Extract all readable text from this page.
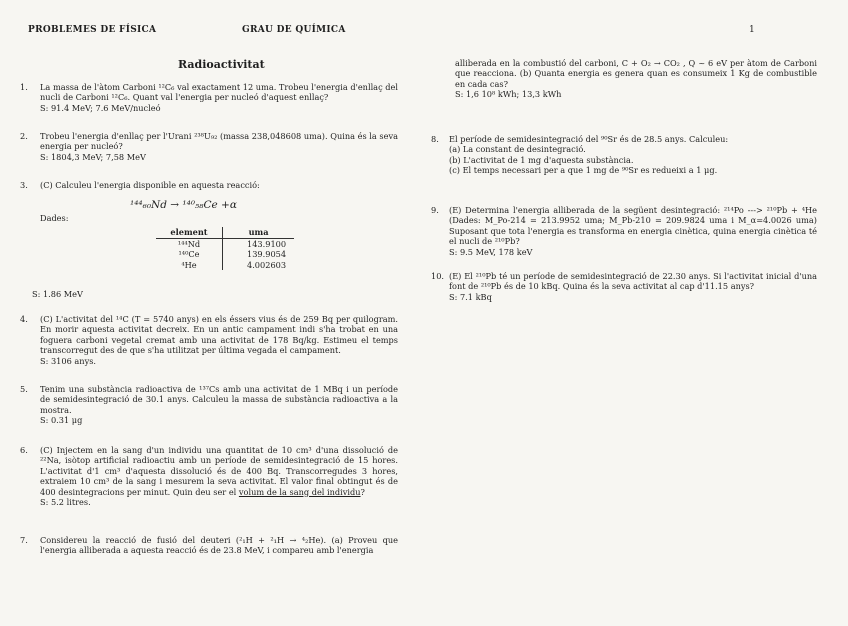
PROBLEMES DE FÍSICA	GRAU DE QUÍMICA	1
Radioactivitat
1.	La massa de l'àtom Carboni ¹²C₆ val exactament 12 uma. Trobeu l'energia d'enllaç del nucli de Carboni ¹²C₆. Quant val l'energia per nucleó d'aquest enllaç?
S: 91.4 MeV; 7.6 MeV/nucleó
2.	Trobeu l'energia d'enllaç per l'Urani ²³⁸U₉₂ (massa 238,048608 uma). Quina és la seva energia per nucleó?
S: 1804,3 MeV; 7,58 MeV
3.	(C) Calculeu l'energia disponible en aquesta reacció:
¹⁴⁴₆₀Nd → ¹⁴⁰₅₈Ce +α
Dades:
element	uma
¹⁴⁴Nd	143.9100
¹⁴⁰Ce	139.9054
⁴He	4.002603
S: 1.86 MeV
4.	(C) L'activitat del ¹⁴C (T = 5740 anys) en els éssers vius és de 259 Bq per quilogram. En morir aquesta activitat decreix. En un antic campament indi s'ha trobat en una foguera carboni vegetal cremat amb una activitat de 178 Bq/kg. Estimeu el temps transcorregut des de que s'ha utilitzat per última vegada el campament.
S: 3106 anys.
5.	Tenim una substància radioactiva de ¹³⁷Cs amb una activitat de 1 MBq i un període de semidesintegració de 30.1 anys. Calculeu la massa de substància radioactiva a la mostra.
S: 0.31 μg
6.	(C) Injectem en la sang d'un individu una quantitat de 10 cm³ d'una dissolució de ²²Na, isòtop artificial radioactiu amb un període de semidesintegració de 15 hores. L'activitat d'1 cm³ d'aquesta dissolució és de 400 Bq. Transcorregudes 3 hores, extraiem 10 cm³ de la sang i mesurem la seva activitat. El valor final obtingut és de 400 desintegracions per minut. Quin deu ser el volum de la sang del individu?
S: 5.2 litres.
7.	Considereu la reacció de fusió del deuteri (²₁H + ²₁H → ⁴₂He). (a) Proveu que l'energia alliberada a aquesta reacció és de 23.8 MeV, i compareu amb l'energia
alliberada en la combustió del carboni, C + O₂ → CO₂ , Q ~ 6 eV per àtom de Carboni que reacciona. (b) Quanta energia es genera quan es consumeix 1 Kg de combustible en cada cas?
S: 1,6 10⁸ kWh; 13,3 kWh
8.	El període de semidesintegració del ⁹⁰Sr és de 28.5 anys. Calculeu:
(a) La constant de desintegració.
(b) L'activitat de 1 mg d'aquesta substància.
(c) El temps necessari per a que 1 mg de ⁹⁰Sr es redueixi a 1 μg.
9.	(E) Determina l'energia alliberada de la següent desintegració: ²¹⁴Po ---> ²¹⁰Pb + ⁴He (Dades: M_Po-214 = 213.9952 uma; M_Pb-210 = 209.9824 uma i M_α=4.0026 uma) Suposant que tota l'energia es transforma en energia cinètica, quina energia cinètica té el nucli de ²¹⁰Pb?
S: 9.5 MeV, 178 keV
10. (E) El ²¹⁰Pb té un període de semidesintegració de 22.30 anys. Si l'activitat inicial d'una font de ²¹⁰Pb és de 10 kBq. Quina és la seva activitat al cap d'11.15 anys?
S: 7.1 kBq
